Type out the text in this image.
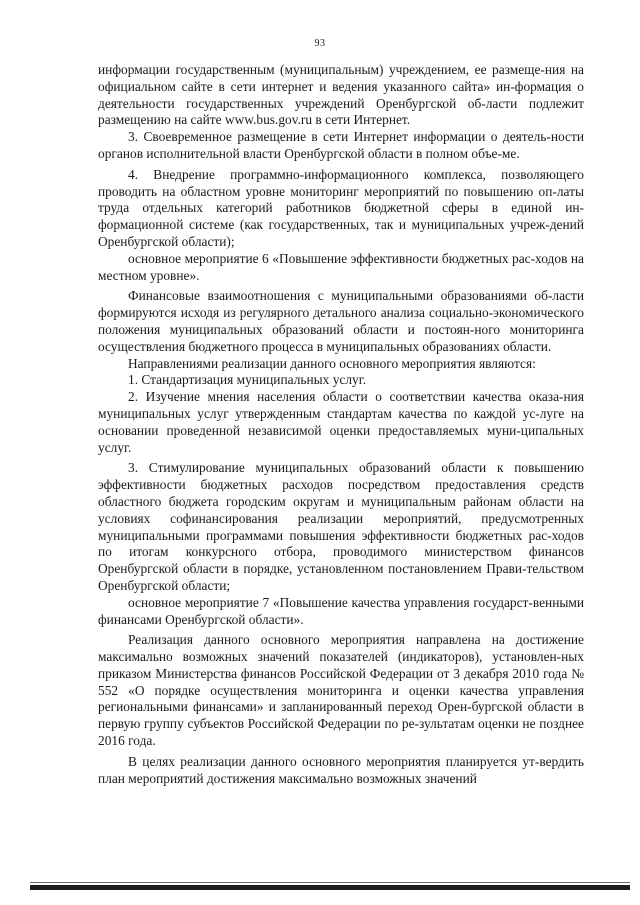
93

информации государственным (муниципальным) учреждением, ее размеще-ния на официальном сайте в сети интернет и ведения указанного сайта» ин-формация о деятельности государственных учреждений Оренбургской об-ласти подлежит размещению на сайте www.bus.gov.ru в сети Интернет.

3. Своевременное размещение в сети Интернет информации о деятель-ности органов исполнительной власти Оренбургской области в полном объе-ме.

4. Внедрение программно-информационного комплекса, позволяющего проводить на областном уровне мониторинг мероприятий по повышению оп-латы труда отдельных категорий работников бюджетной сферы в единой ин-формационной системе (как государственных, так и муниципальных учреж-дений Оренбургской области);

основное мероприятие 6 «Повышение эффективности бюджетных рас-ходов на местном уровне».

Финансовые взаимоотношения с муниципальными образованиями об-ласти формируются исходя из регулярного детального анализа социально-экономического положения муниципальных образований области и постоян-ного мониторинга осуществления бюджетного процесса в муниципальных образованиях области.

Направлениями реализации данного основного мероприятия являются:

1. Стандартизация муниципальных услуг.

2. Изучение мнения населения области о соответствии качества оказа-ния муниципальных услуг утвержденным стандартам качества по каждой ус-луге на основании проведенной независимой оценки предоставляемых муни-ципальных услуг.

3. Стимулирование муниципальных образований области к повышению эффективности бюджетных расходов посредством предоставления средств областного бюджета городским округам и муниципальным районам области на условиях софинансирования реализации мероприятий, предусмотренных муниципальными программами повышения эффективности бюджетных рас-ходов по итогам конкурсного отбора, проводимого министерством финансов Оренбургской области в порядке, установленном постановлением Прави-тельством Оренбургской области;

основное мероприятие 7 «Повышение качества управления государст-венными финансами Оренбургской области».

Реализация данного основного мероприятия направлена на достижение максимально возможных значений показателей (индикаторов), установлен-ных приказом Министерства финансов Российской Федерации от 3 декабря 2010 года № 552 «О порядке осуществления мониторинга и оценки качества управления региональными финансами» и запланированный переход Орен-бургской области в первую группу субъектов Российской Федерации по ре-зультатам оценки не позднее 2016 года.

В целях реализации данного основного мероприятия планируется ут-вердить план мероприятий достижения максимально возможных значений
